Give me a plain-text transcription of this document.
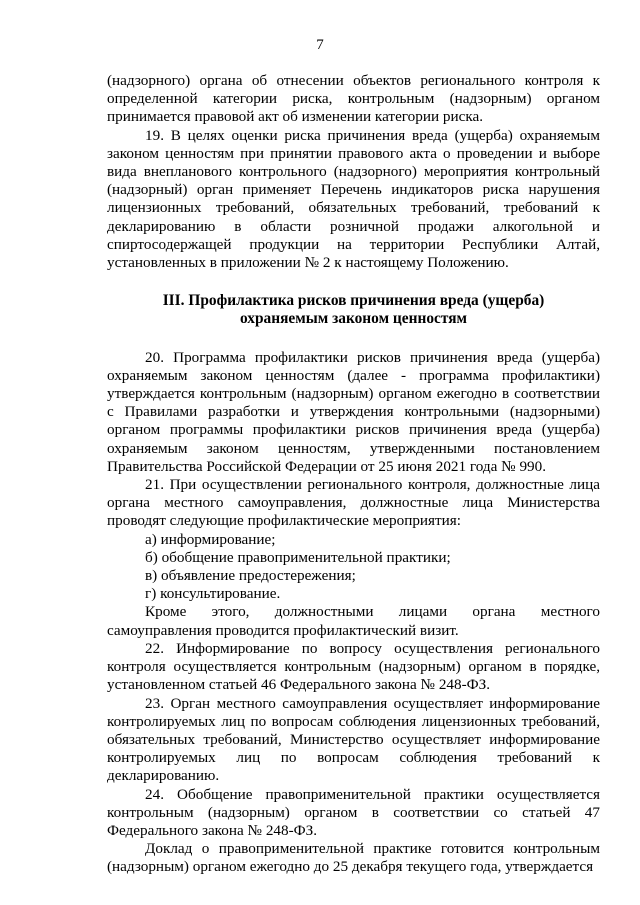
7

(надзорного) органа об отнесении объектов регионального контроля к определенной категории риска, контрольным (надзорным) органом принимается правовой акт об изменении категории риска.

19. В целях оценки риска причинения вреда (ущерба) охраняемым законом ценностям при принятии правового акта о проведении и выборе вида внепланового контрольного (надзорного) мероприятия контрольный (надзорный) орган применяет Перечень индикаторов риска нарушения лицензионных требований, обязательных требований, требований к декларированию в области розничной продажи алкогольной и спиртосодержащей продукции на территории Республики Алтай, установленных в приложении № 2 к настоящему Положению.

III. Профилактика рисков причинения вреда (ущерба)
охраняемым законом ценностям

20. Программа профилактики рисков причинения вреда (ущерба) охраняемым законом ценностям (далее - программа профилактики) утверждается контрольным (надзорным) органом ежегодно в соответствии с Правилами разработки и утверждения контрольными (надзорными) органом программы профилактики рисков причинения вреда (ущерба) охраняемым законом ценностям, утвержденными постановлением Правительства Российской Федерации от 25 июня 2021 года № 990.

21. При осуществлении регионального контроля, должностные лица органа местного самоуправления, должностные лица Министерства проводят следующие профилактические мероприятия:

а) информирование;

б) обобщение правоприменительной практики;

в) объявление предостережения;

г) консультирование.

Кроме этого, должностными лицами органа местного самоуправления проводится профилактический визит.

22. Информирование по вопросу осуществления регионального контроля осуществляется контрольным (надзорным) органом в порядке, установленном статьей 46 Федерального закона № 248-ФЗ.

23. Орган местного самоуправления осуществляет информирование контролируемых лиц по вопросам соблюдения лицензионных требований, обязательных требований, Министерство осуществляет информирование контролируемых лиц по вопросам соблюдения требований к декларированию.

24. Обобщение правоприменительной практики осуществляется контрольным (надзорным) органом в соответствии со статьей 47 Федерального закона № 248-ФЗ.

Доклад о правоприменительной практике готовится контрольным (надзорным) органом ежегодно до 25 декабря текущего года, утверждается
